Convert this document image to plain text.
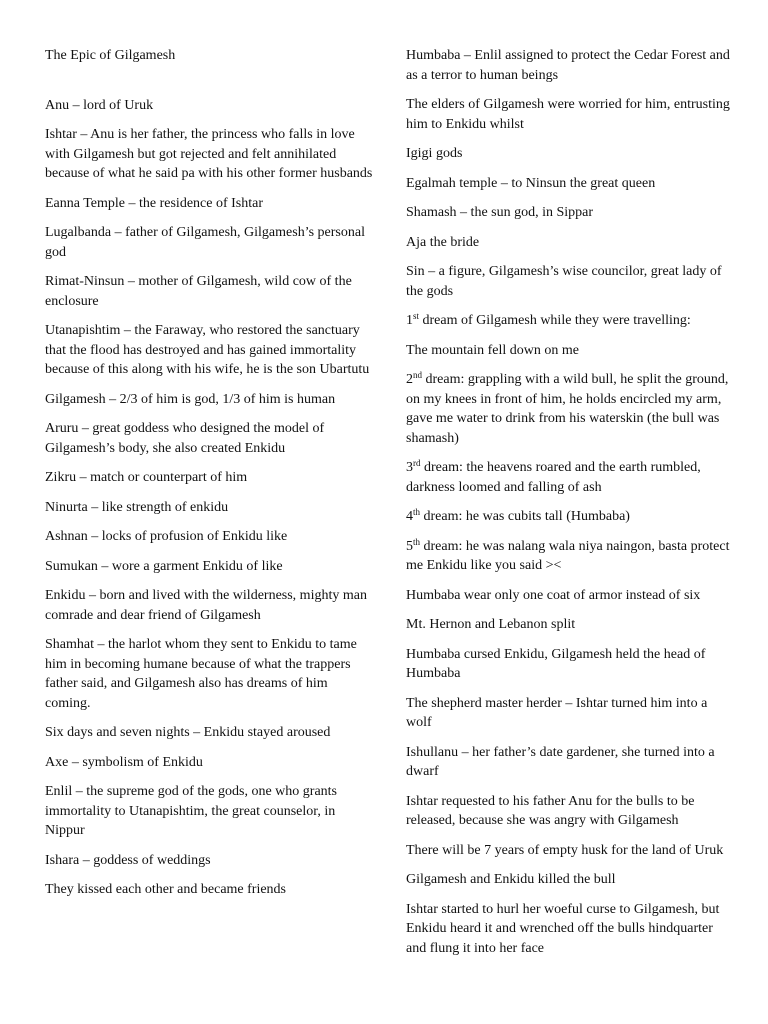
The Epic of Gilgamesh

Anu – lord of Uruk

Ishtar – Anu is her father, the princess who falls in love with Gilgamesh but got rejected and felt annihilated because of what he said pa with his other former husbands

Eanna Temple – the residence of Ishtar

Lugalbanda – father of Gilgamesh, Gilgamesh’s personal god

Rimat-Ninsun – mother of Gilgamesh, wild cow of the enclosure

Utanapishtim – the Faraway, who restored the sanctuary that the flood has destroyed and has gained immortality because of this along with his wife, he is the son Ubartutu

Gilgamesh – 2/3 of him is god, 1/3 of him is human

Aruru – great goddess who designed the model of Gilgamesh’s body, she also created Enkidu

Zikru – match or counterpart of him

Ninurta – like strength of enkidu

Ashnan – locks of profusion of Enkidu like

Sumukan – wore a garment Enkidu of like

Enkidu – born and lived with the wilderness, mighty man comrade and dear friend of Gilgamesh

Shamhat – the harlot whom they sent to Enkidu to tame him in becoming humane because of what the trappers father said, and Gilgamesh also has dreams of him coming.

Six days and seven nights – Enkidu stayed aroused

Axe – symbolism of Enkidu

Enlil – the supreme god of the gods, one who grants immortality to Utanapishtim, the great counselor, in Nippur

Ishara – goddess of weddings

They kissed each other and became friends

Humbaba – Enlil assigned to protect the Cedar Forest and as a terror to human beings

The elders of Gilgamesh were worried for him, entrusting him to Enkidu whilst

Igigi gods

Egalmah temple – to Ninsun the great queen

Shamash – the sun god, in Sippar

Aja the bride

Sin – a figure, Gilgamesh’s wise councilor, great lady of the gods

1st dream of Gilgamesh while they were travelling:

The mountain fell down on me

2nd dream: grappling with a wild bull, he split the ground, on my knees in front of him, he holds encircled my arm, gave me water to drink from his waterskin (the bull was shamash)

3rd dream: the heavens roared and the earth rumbled, darkness loomed and falling of ash

4th dream: he was cubits tall (Humbaba)

5th dream: he was nalang wala niya naingon, basta protect me Enkidu like you said ><

Humbaba wear only one coat of armor instead of six

Mt. Hernon and Lebanon split

Humbaba cursed Enkidu, Gilgamesh held the head of Humbaba

The shepherd master herder – Ishtar turned him into a wolf

Ishullanu – her father’s date gardener, she turned into a dwarf

Ishtar requested to his father Anu for the bulls to be released, because she was angry with Gilgamesh

There will be 7 years of empty husk for the land of Uruk

Gilgamesh and Enkidu killed the bull

Ishtar started to hurl her woeful curse to Gilgamesh, but Enkidu heard it and wrenched off the bulls hindquarter and flung it into her face
